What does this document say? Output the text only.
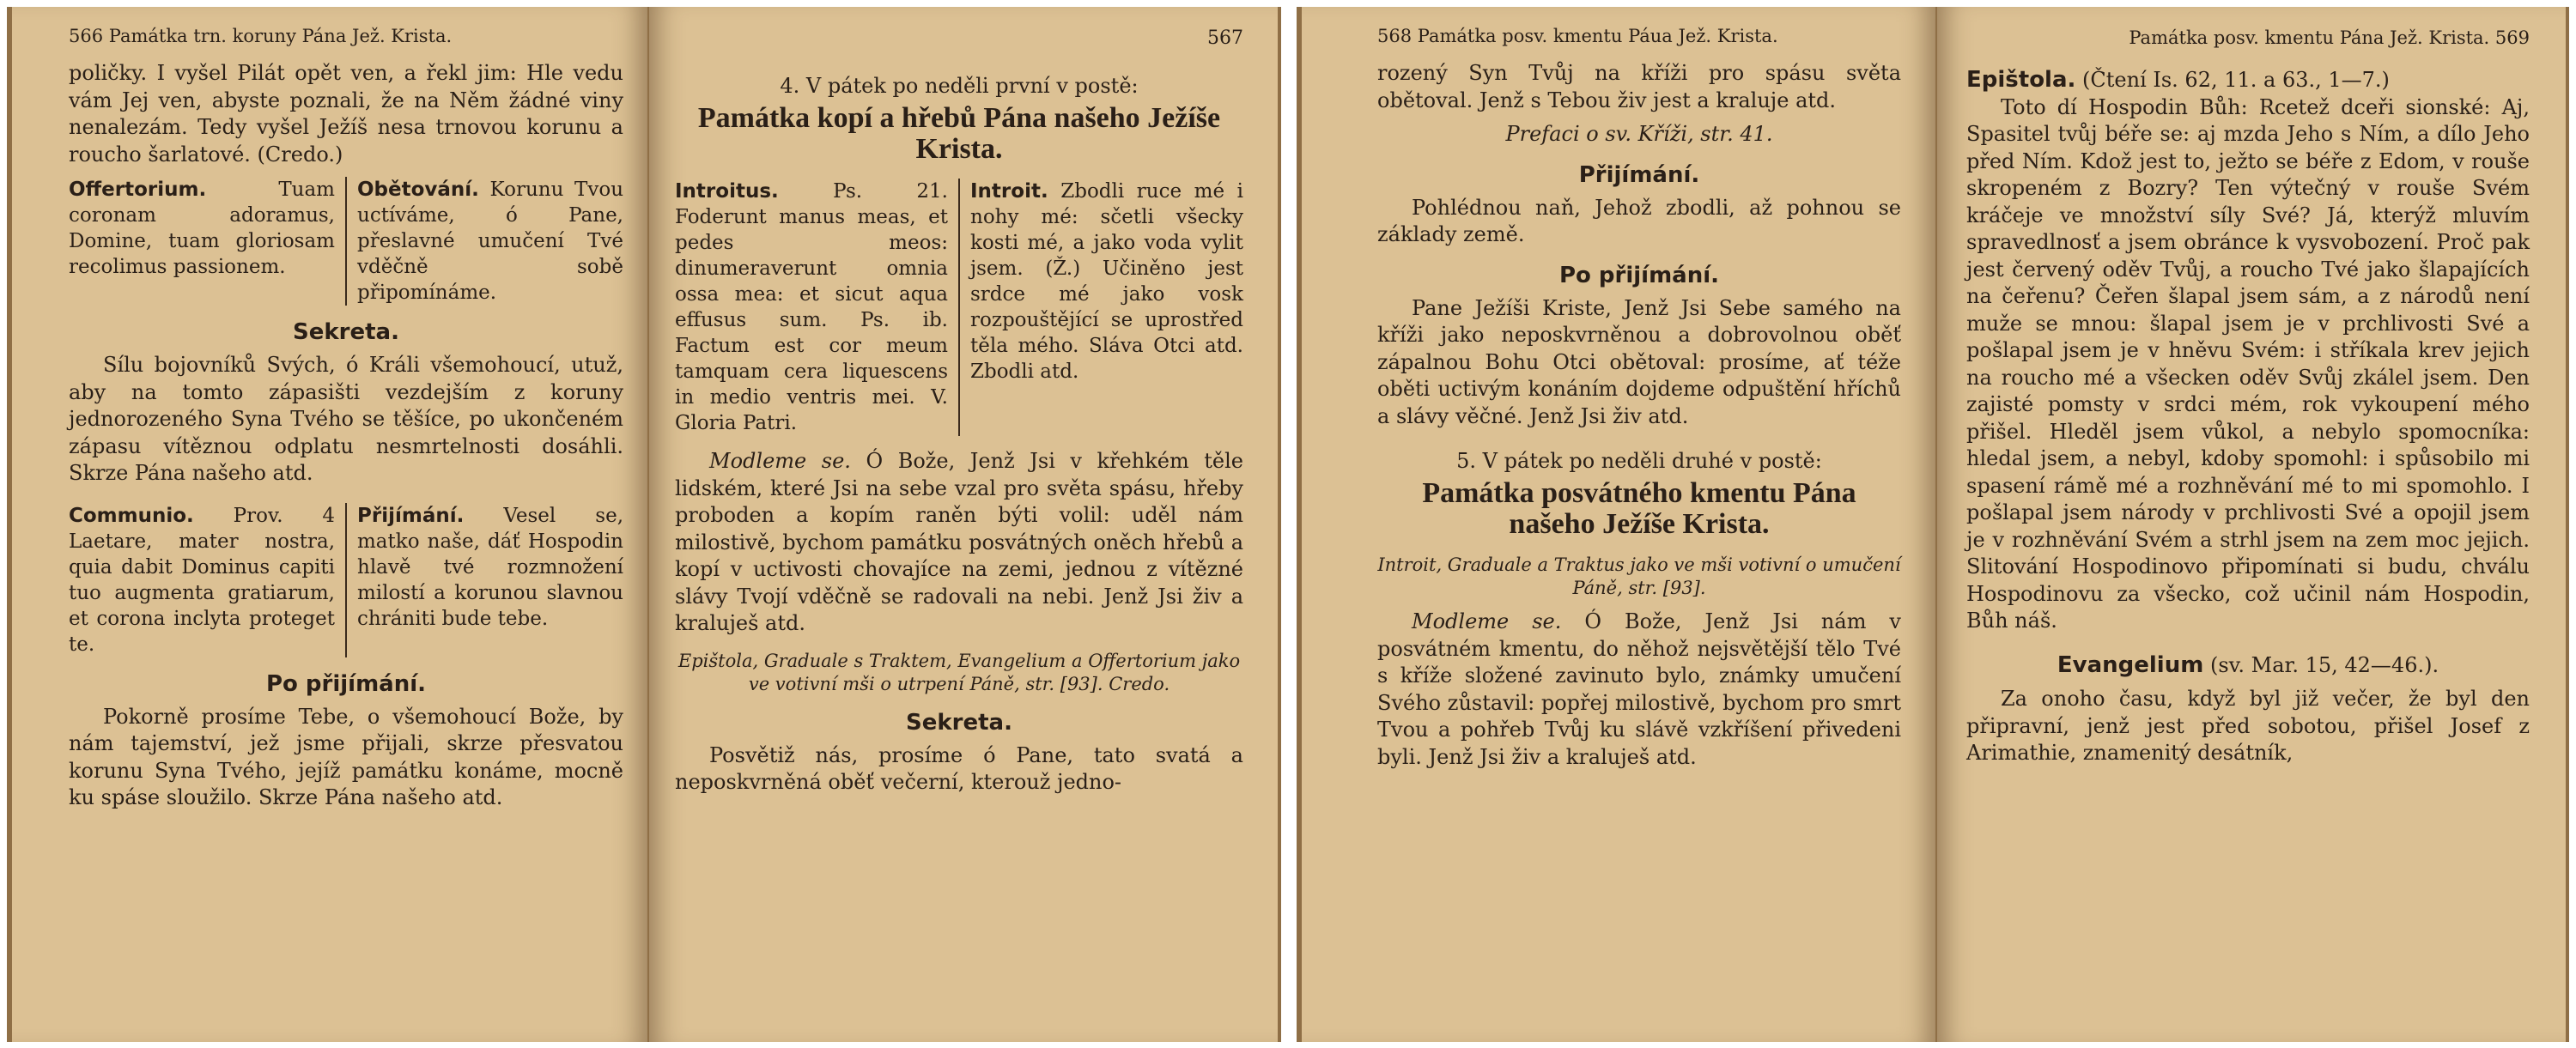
566 Památka trn. koruny Pána Jež. Krista.

poličky. I vyšel Pilát opět ven, a řekl jim: Hle vedu vám Jej ven, abyste poznali, že na Něm žádné viny nenalezám. Tedy vyšel Ježíš nesa trnovou korunu a roucho šarlatové. (Credo.)

Offertorium.	Tuam coronam adoramus, Domine, tuam gloriosam recolimus passionem.

Obětování. Korunu Tvou uctíváme, ó Pane, přeslavné umučení Tvé vděčně sobě připomínáme.

Sekreta.

Sílu bojovníků Svých, ó Králi všemohoucí, utuž, aby na tomto zápasišti vezdejším z koruny jednorozeného Syna Tvého se těšíce, po ukončeném zápasu vítěznou odplatu nesmrtelnosti dosáhli. Skrze Pána našeho atd.

Communio. Prov. 4 Laetare, mater nostra, quia dabit Dominus capiti tuo augmenta gratiarum, et corona inclyta proteget te.

Přijímání. Vesel se, matko naše, dáť Hospodin hlavě tvé rozmnožení milostí a korunou slavnou chrániti bude tebe.

Po přijímání.

Pokorně prosíme Tebe, o všemohoucí Bože, by nám tajemství, jež jsme přijali, skrze přesvatou korunu Syna Tvého, jejíž památku konáme, mocně ku spáse sloužilo. Skrze Pána našeho atd.

567
4. V pátek po neděli první v postě:
Památka kopí a hřebů Pána našeho Ježíše Krista.

Introitus.	Ps. 21. Foderunt manus meas, et pedes meos: dinumeraverunt omnia ossa mea: et sicut aqua effusus sum. Ps. ib. Factum est cor meum tamquam cera liquescens in medio ventris mei. V. Gloria Patri.

Introit. Zbodli ruce mé i nohy mé: sčetli všecky kosti mé, a jako voda vylit jsem. (Ž.) Učiněno jest srdce mé jako vosk rozpouštějící se uprostřed těla mého. Sláva Otci atd. Zbodli atd.

Modleme se. Ó Bože, Jenž Jsi v křehkém těle lidském, které Jsi na sebe vzal pro světa spásu, hřeby proboden a kopím raněn býti volil: uděl nám milostivě, bychom památku posvátných oněch hřebů a kopí v uctivosti chovajíce na zemi, jednou z vítězné slávy Tvojí vděčně se radovali na nebi. Jenž Jsi živ a kraluješ atd.

Epištola, Graduale s Traktem, Evangelium a Offertorium jako ve votivní mši o utrpení Páně, str. [93]. Credo.

Sekreta.

Posvětiž nás, prosíme ó Pane, tato svatá a neposkvrněná oběť večerní, kterouž jedno-

568 Památka posv. kmentu Páua Jež. Krista.

rozený Syn Tvůj na kříži pro spásu světa obětoval. Jenž s Tebou živ jest a kraluje atd.

Prefaci o sv. Kříži, str. 41.

Přijímání.

Pohlédnou naň, Jehož zbodli, až pohnou se základy země.

Po přijímání.

Pane Ježíši Kriste, Jenž Jsi Sebe samého na kříži jako neposkvrněnou a dobrovolnou oběť zápalnou Bohu Otci obětoval: prosíme, ať téže oběti uctivým konáním dojdeme odpuštění hříchů a slávy věčné. Jenž Jsi živ atd.

5. V pátek po neděli druhé v postě:
Památka posvátného kmentu Pána našeho Ježíše Krista.

Introit, Graduale a Traktus jako ve mši votivní o umučení Páně, str. [93].

Modleme se. Ó Bože, Jenž Jsi nám v posvátném kmentu, do něhož nejsvětější tělo Tvé s kříže složené zavinuto bylo, známky umučení Svého zůstavil: popřej milostivě, bychom pro smrt Tvou a pohřeb Tvůj ku slávě vzkříšení přivedeni byli. Jenž Jsi živ a kraluješ atd.

Památka posv. kmentu Pána Jež. Krista. 569

Epištola. (Čtení Is. 62, 11. a 63., 1—7.)

Toto dí Hospodin Bůh: Rcetež dceři sionské: Aj, Spasitel tvůj béře se: aj mzda Jeho s Ním, a dílo Jeho před Ním. Kdož jest to, ježto se béře z Edom, v rouše skropeném z Bozry? Ten výtečný v rouše Svém kráčeje ve množství síly Své? Já, kterýž mluvím spravedlnosť a jsem obránce k vysvobození. Proč pak jest červený oděv Tvůj, a roucho Tvé jako šlapajících na čeřenu? Čeřen šlapal jsem sám, a z národů není muže se mnou: šlapal jsem je v prchlivosti Své a pošlapal jsem je v hněvu Svém: i stříkala krev jejich na roucho mé a všecken oděv Svůj zkálel jsem. Den zajisté pomsty v srdci mém, rok vykoupení mého přišel. Hleděl jsem vůkol, a nebylo spomocníka: hledal jsem, a nebyl, kdoby spomohl: i spůsobilo mi spasení rámě mé a rozhněvání mé to mi spomohlo. I pošlapal jsem národy v prchlivosti Své a opojil jsem je v rozhněvání Svém a strhl jsem na zem moc jejich. Slitování Hospodinovo připomínati si budu, chválu Hospodinovu za všecko, což učinil nám Hospodin, Bůh náš.

Evangelium (sv. Mar. 15, 42—46.).

Za onoho času, když byl již večer, že byl den připravní, jenž jest před sobotou, přišel Josef z Arimathie, znamenitý desátník,
